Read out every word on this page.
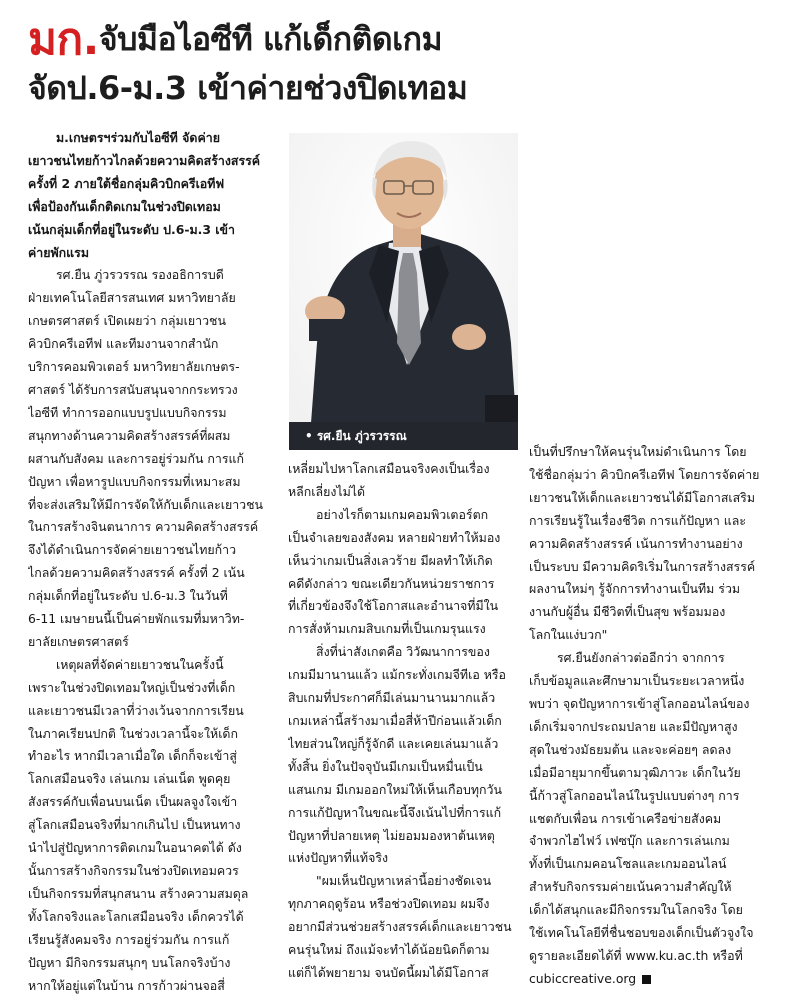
มก.จับมือไอซีที แก้เด็กติดเกม
จัดป.6-ม.3 เข้าค่ายช่วงปิดเทอม

ม.เกษตรฯร่วมกับไอซีที จัดค่าย

เยาวชนไทยก้าวไกลด้วยความคิดสร้างสรรค์

ครั้งที่ 2 ภายใต้ชื่อกลุ่มคิวบิกครีเอทีฟ

เพื่อป้องกันเด็กติดเกมในช่วงปิดเทอม

เน้นกลุ่มเด็กที่อยู่ในระดับ ป.6-ม.3 เข้า

ค่ายพักแรม

รศ.ยืน ภู่วรวรรณ รองอธิการบดี

ฝ่ายเทคโนโลยีสารสนเทศ มหาวิทยาลัย

เกษตรศาสตร์ เปิดเผยว่า กลุ่มเยาวชน

คิวบิกครีเอทีฟ และทีมงานจากสำนัก

บริการคอมพิวเตอร์ มหาวิทยาลัยเกษตร-

ศาสตร์ ได้รับการสนับสนุนจากกระทรวง

ไอซีที ทำการออกแบบรูปแบบกิจกรรม

สนุกทางด้านความคิดสร้างสรรค์ที่ผสม

ผสานกับสังคม และการอยู่ร่วมกัน การแก้

ปัญหา เพื่อหารูปแบบกิจกรรมที่เหมาะสม

ที่จะส่งเสริมให้มีการจัดให้กับเด็กและเยาวชน

ในการสร้างจินตนาการ ความคิดสร้างสรรค์

จึงได้ดำเนินการจัดค่ายเยาวชนไทยก้าว

ไกลด้วยความคิดสร้างสรรค์ ครั้งที่ 2 เน้น

กลุ่มเด็กที่อยู่ในระดับ ป.6-ม.3 ในวันที่

6-11 เมษายนนี้เป็นค่ายพักแรมที่มหาวิท-

ยาลัยเกษตรศาสตร์

เหตุผลที่จัดค่ายเยาวชนในครั้งนี้

เพราะในช่วงปิดเทอมใหญ่เป็นช่วงที่เด็ก

และเยาวชนมีเวลาที่ว่างเว้นจากการเรียน

ในภาคเรียนปกติ ในช่วงเวลานี้จะให้เด็ก

ทำอะไร หากมีเวลาเมื่อใด เด็กก็จะเข้าสู่

โลกเสมือนจริง เล่นเกม เล่นเน็ต พูดคุย

สังสรรค์กับเพื่อนบนเน็ต เป็นผลจูงใจเข้า

สู่โลกเสมือนจริงที่มากเกินไป เป็นหนทาง

นำไปสู่ปัญหาการติดเกมในอนาคตได้ ดัง

นั้นการสร้างกิจกรรมในช่วงปิดเทอมควร

เป็นกิจกรรมที่สนุกสนาน สร้างความสมดุล

ทั้งโลกจริงและโลกเสมือนจริง เด็กควรได้

เรียนรู้สังคมจริง การอยู่ร่วมกัน การแก้

ปัญหา มีกิจกรรมสนุกๆ บนโลกจริงบ้าง

หากให้อยู่แต่ในบ้าน การก้าวผ่านจอสี่

• รศ.ยืน ภู่วรวรรณ

เหลี่ยมไปหาโลกเสมือนจริงคงเป็นเรื่อง

หลีกเลี่ยงไม่ได้

อย่างไรก็ตามเกมคอมพิวเตอร์ตก

เป็นจำเลยของสังคม หลายฝ่ายทำให้มอง

เห็นว่าเกมเป็นสิ่งเลวร้าย มีผลทำให้เกิด

คดีดังกล่าว ขณะเดียวกันหน่วยราชการ

ที่เกี่ยวข้องจึงใช้โอกาสและอำนาจที่มีใน

การสั่งห้ามเกมสิบเกมที่เป็นเกมรุนแรง

สิ่งที่น่าสังเกตคือ วิวัฒนาการของ

เกมมีมานานแล้ว แม้กระทั่งเกมจีทีเอ หรือ

สิบเกมที่ประกาศก็มีเล่นมานานมากแล้ว

เกมเหล่านี้สร้างมาเมื่อสี่ห้าปีก่อนแล้วเด็ก

ไทยส่วนใหญ่ก็รู้จักดี และเคยเล่นมาแล้ว

ทั้งสิ้น ยิ่งในปัจจุบันมีเกมเป็นหมื่นเป็น

แสนเกม มีเกมออกใหม่ให้เห็นเกือบทุกวัน

การแก้ปัญหาในขณะนี้จึงเน้นไปที่การแก้

ปัญหาที่ปลายเหตุ ไม่ยอมมองหาต้นเหตุ

แห่งปัญหาที่แท้จริง

"ผมเห็นปัญหาเหล่านี้อย่างชัดเจน

ทุกภาคฤดูร้อน หรือช่วงปิดเทอม ผมจึง

อยากมีส่วนช่วยสร้างสรรค์เด็กและเยาวชน

คนรุ่นใหม่ ถึงแม้จะทำได้น้อยนิดก็ตาม

แต่ก็ได้พยายาม จนบัดนี้ผมได้มีโอกาส

เป็นที่ปรึกษาให้คนรุ่นใหม่ดำเนินการ โดย

ใช้ชื่อกลุ่มว่า คิวบิกครีเอทีฟ โดยการจัดค่าย

เยาวชนให้เด็กและเยาวชนได้มีโอกาสเสริม

การเรียนรู้ในเรื่องชีวิต การแก้ปัญหา และ

ความคิดสร้างสรรค์ เน้นการทำงานอย่าง

เป็นระบบ มีความคิดริเริ่มในการสร้างสรรค์

ผลงานใหม่ๆ รู้จักการทำงานเป็นทีม ร่วม

งานกับผู้อื่น มีชีวิตที่เป็นสุข พร้อมมอง

โลกในแง่บวก"

รศ.ยืนยังกล่าวต่ออีกว่า จากการ

เก็บข้อมูลและศึกษามาเป็นระยะเวลาหนึ่ง

พบว่า จุดปัญหาการเข้าสู่โลกออนไลน์ของ

เด็กเริ่มจากประถมปลาย และมีปัญหาสูง

สุดในช่วงมัธยมต้น และจะค่อยๆ ลดลง

เมื่อมีอายุมากขึ้นตามวุฒิภาวะ เด็กในวัย

นี้ก้าวสู่โลกออนไลน์ในรูปแบบต่างๆ การ

แชตกับเพื่อน การเข้าเครือข่ายสังคม

จำพวกไฮไฟว์ เฟซบุ๊ก และการเล่นเกม

ทั้งที่เป็นเกมคอนโซลและเกมออนไลน์

สำหรับกิจกรรมค่ายเน้นความสำคัญให้

เด็กได้สนุกและมีกิจกรรมในโลกจริง โดย

ใช้เทคโนโลยีที่ชื่นชอบของเด็กเป็นตัวจูงใจ

ดูรายละเอียดได้ที่ www.ku.ac.th หรือที่

cubiccreative.org
